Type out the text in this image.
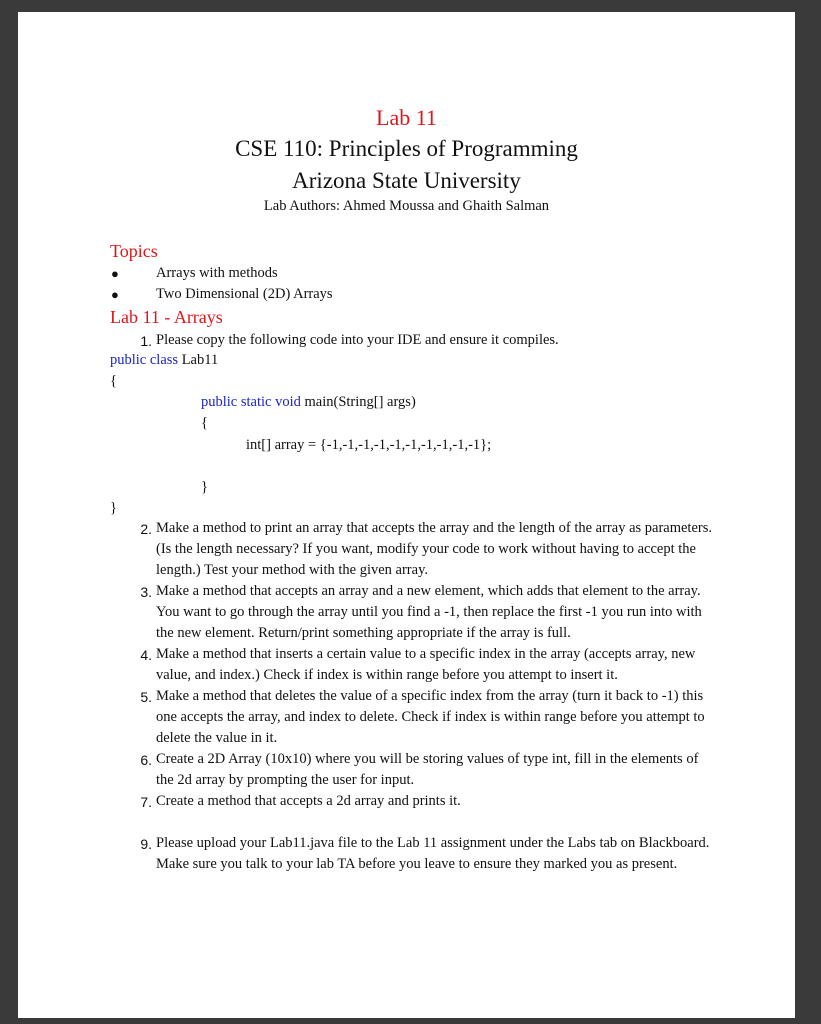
Lab 11
CSE 110: Principles of Programming
Arizona State University
Lab Authors: Ahmed Moussa and Ghaith Salman
Topics
●	Arrays with methods
●	Two Dimensional (2D) Arrays
Lab 11 - Arrays
1. Please copy the following code into your IDE and ensure it compiles.
public class Lab11
{
public static void main(String[] args)
{
int[] array = {-1,-1,-1,-1,-1,-1,-1,-1,-1,-1};
}
}
2. Make a method to print an array that accepts the array and the length of the array as parameters. (Is the length necessary? If you want, modify your code to work without having to accept the length.) Test your method with the given array.
3. Make a method that accepts an array and a new element, which adds that element to the array. You want to go through the array until you find a -1, then replace the first -1 you run into with the new element. Return/print something appropriate if the array is full.
4. Make a method that inserts a certain value to a specific index in the array (accepts array, new value, and index.) Check if index is within range before you attempt to insert it.
5. Make a method that deletes the value of a specific index from the array (turn it back to -1) this one accepts the array, and index to delete. Check if index is within range before you attempt to delete the value in it.
6. Create a 2D Array (10x10) where you will be storing values of type int, fill in the elements of the 2d array by prompting the user for input.
7. Create a method that accepts a 2d array and prints it.
9. Please upload your Lab11.java file to the Lab 11 assignment under the Labs tab on Blackboard. Make sure you talk to your lab TA before you leave to ensure they marked you as present.
